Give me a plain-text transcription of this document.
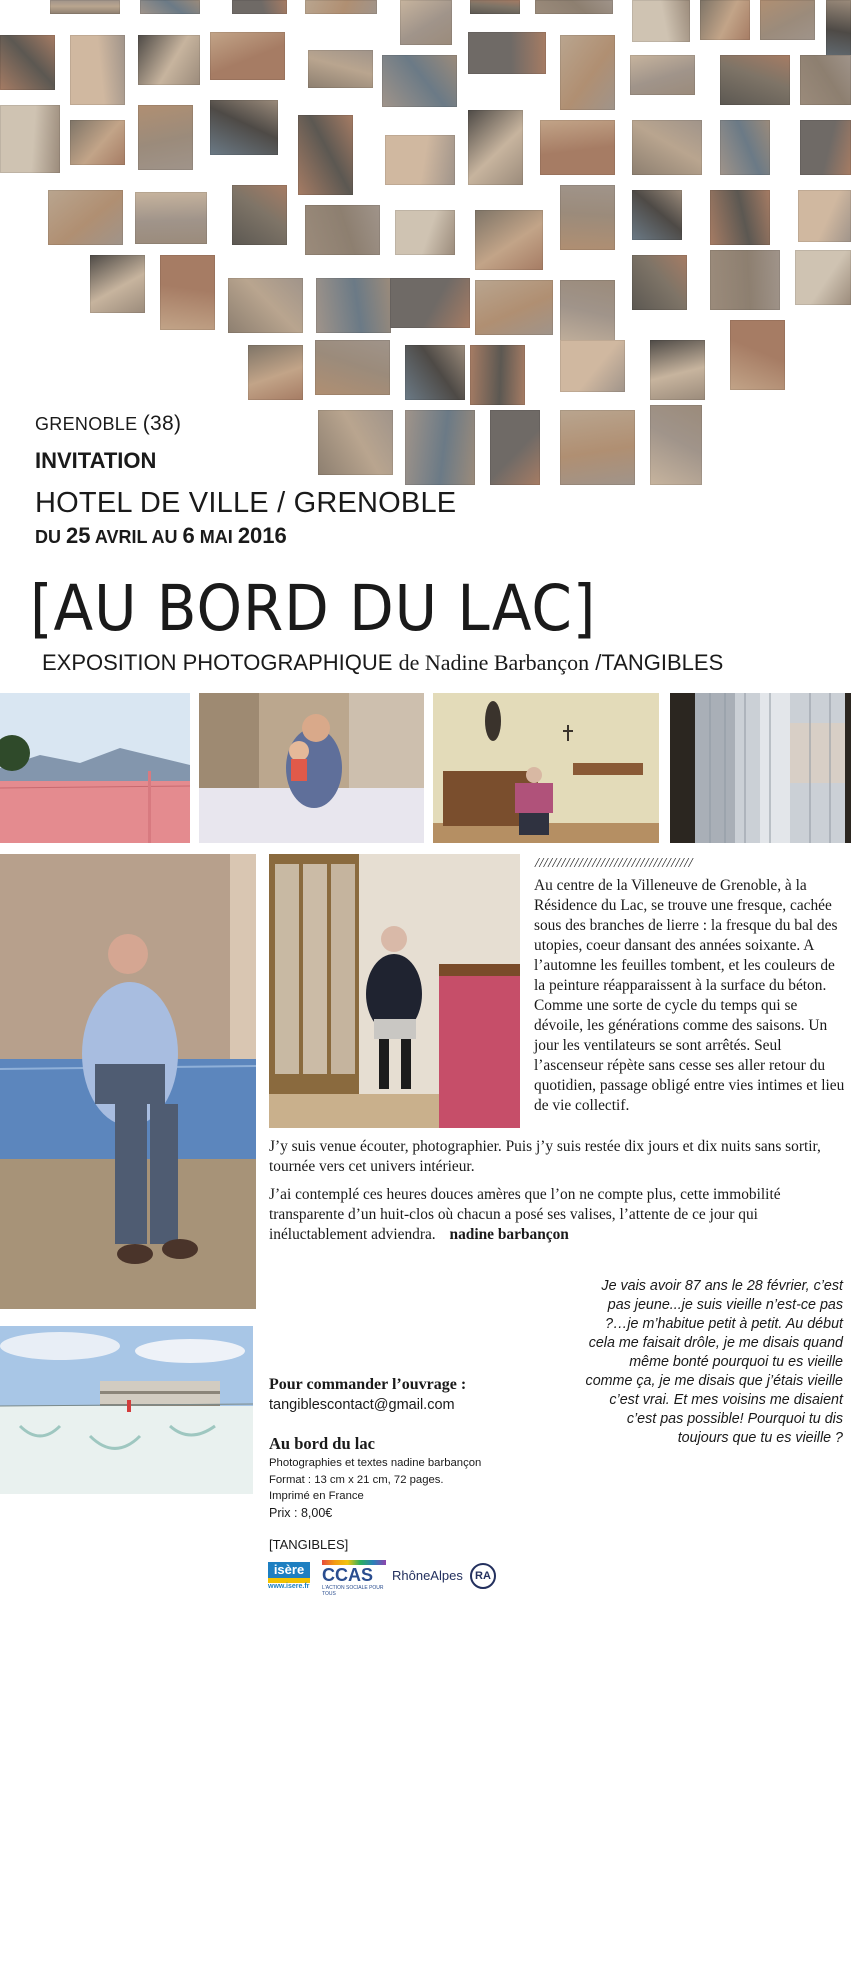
GRENOBLE (38)
INVITATION
HOTEL DE VILLE / GRENOBLE
DU 25 AVRIL AU 6 MAI 2016
[AU BORD DU LAC]
EXPOSITION PHOTOGRAPHIQUE de Nadine Barbançon /TANGIBLES
////////////////////////////////////
Au centre de la Villeneuve de Grenoble, à la Résidence du Lac, se trouve une fresque, cachée sous des branches de lierre : la fresque du bal des utopies, coeur dansant des années soixante. A l’automne les feuilles tombent, et les couleurs de la peinture réapparaissent à la surface du béton. Comme une sorte de cycle du temps qui se dévoile, les générations comme des saisons. Un jour les ventilateurs se sont arrêtés. Seul l’ascenseur répète sans cesse ses aller retour du quotidien, passage obligé entre vies intimes et lieu de vie collectif.
J’y suis venue écouter, photographier. Puis j’y suis restée dix jours et dix nuits sans sortir, tournée vers cet univers intérieur.
J’ai contemplé ces heures douces amères que l’on ne compte plus, cette immobilité transparente d’un huit-clos où chacun a posé ses valises, l’attente de ce jour qui inéluctablement adviendra. nadine barbançon
Je vais avoir 87 ans le 28 février, c’est pas jeune...je suis vieille n’est-ce pas ?…je m’habitue petit à petit. Au début cela me faisait drôle, je me disais quand même bonté pourquoi tu es vieille comme ça, je me disais que j’étais vieille c’est vrai. Et mes voisins me disaient c’est pas possible! Pourquoi tu dis toujours que tu es vieille ?
Pour commander l’ouvrage :
tangiblescontact@gmail.com
Au bord du lac
Photographies et textes nadine barbançon
Format : 13 cm x 21 cm, 72 pages.
Imprimé en France
Prix : 8,00€
[TANGIBLES]
isère
www.isere.fr
CCAS
L'ACTION SOCIALE POUR TOUS
RhôneAlpes	RA
